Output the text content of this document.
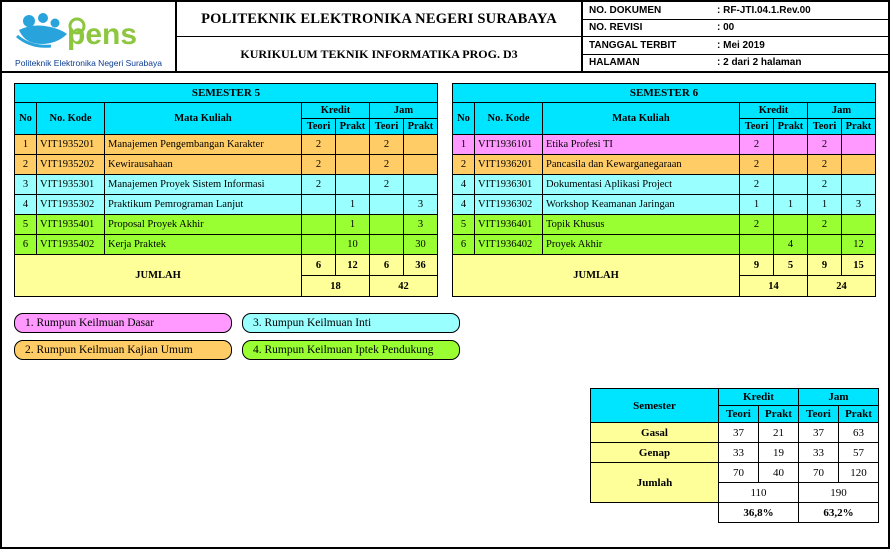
pens
Politeknik Elektronika Negeri Surabaya
POLITEKNIK ELEKTRONIKA NEGERI SURABAYA
KURIKULUM TEKNIK INFORMATIKA PROG. D3
NO. DOKUMEN	: RF-JTI.04.1.Rev.00
NO. REVISI	: 00
TANGGAL TERBIT	: Mei 2019
HALAMAN	: 2 dari 2 halaman
SEMESTER 5						
No	No. Kode	Mata Kuliah	Kredit		Jam	
			Teori	Prakt	Teori	Prakt
1	VIT1935201	Manajemen Pengembangan Karakter	2		2	
2	VIT1935202	Kewirausahaan	2		2	
3	VIT1935301	Manajemen Proyek Sistem Informasi	2		2	
4	VIT1935302	Praktikum Pemrograman Lanjut		1		3
5	VIT1935401	Proposal Proyek Akhir		1		3
6	VIT1935402	Kerja Praktek		10		30
JUMLAH			6	12	6	36
			18		42	
SEMESTER 6						
No	No. Kode	Mata Kuliah	Kredit		Jam	
			Teori	Prakt	Teori	Prakt
1	VIT1936101	Etika Profesi TI	2		2	
2	VIT1936201	Pancasila dan Kewarganegaraan	2		2	
4	VIT1936301	Dokumentasi Aplikasi Project	2		2	
4	VIT1936302	Workshop Keamanan Jaringan	1	1	1	3
5	VIT1936401	Topik Khusus	2		2	
6	VIT1936402	Proyek Akhir		4		12
JUMLAH			9	5	9	15
			14		24	
1. Rumpun Keilmuan Dasar
2. Rumpun Keilmuan Kajian Umum
3. Rumpun Keilmuan Inti
4. Rumpun Keilmuan Iptek Pendukung
Semester	Kredit		Jam	
	Teori	Prakt	Teori	Prakt
Gasal	37	21	37	63
Genap	33	19	33	57
Jumlah	70	40	70	120
	110		190	
	36,8%		63,2%	
